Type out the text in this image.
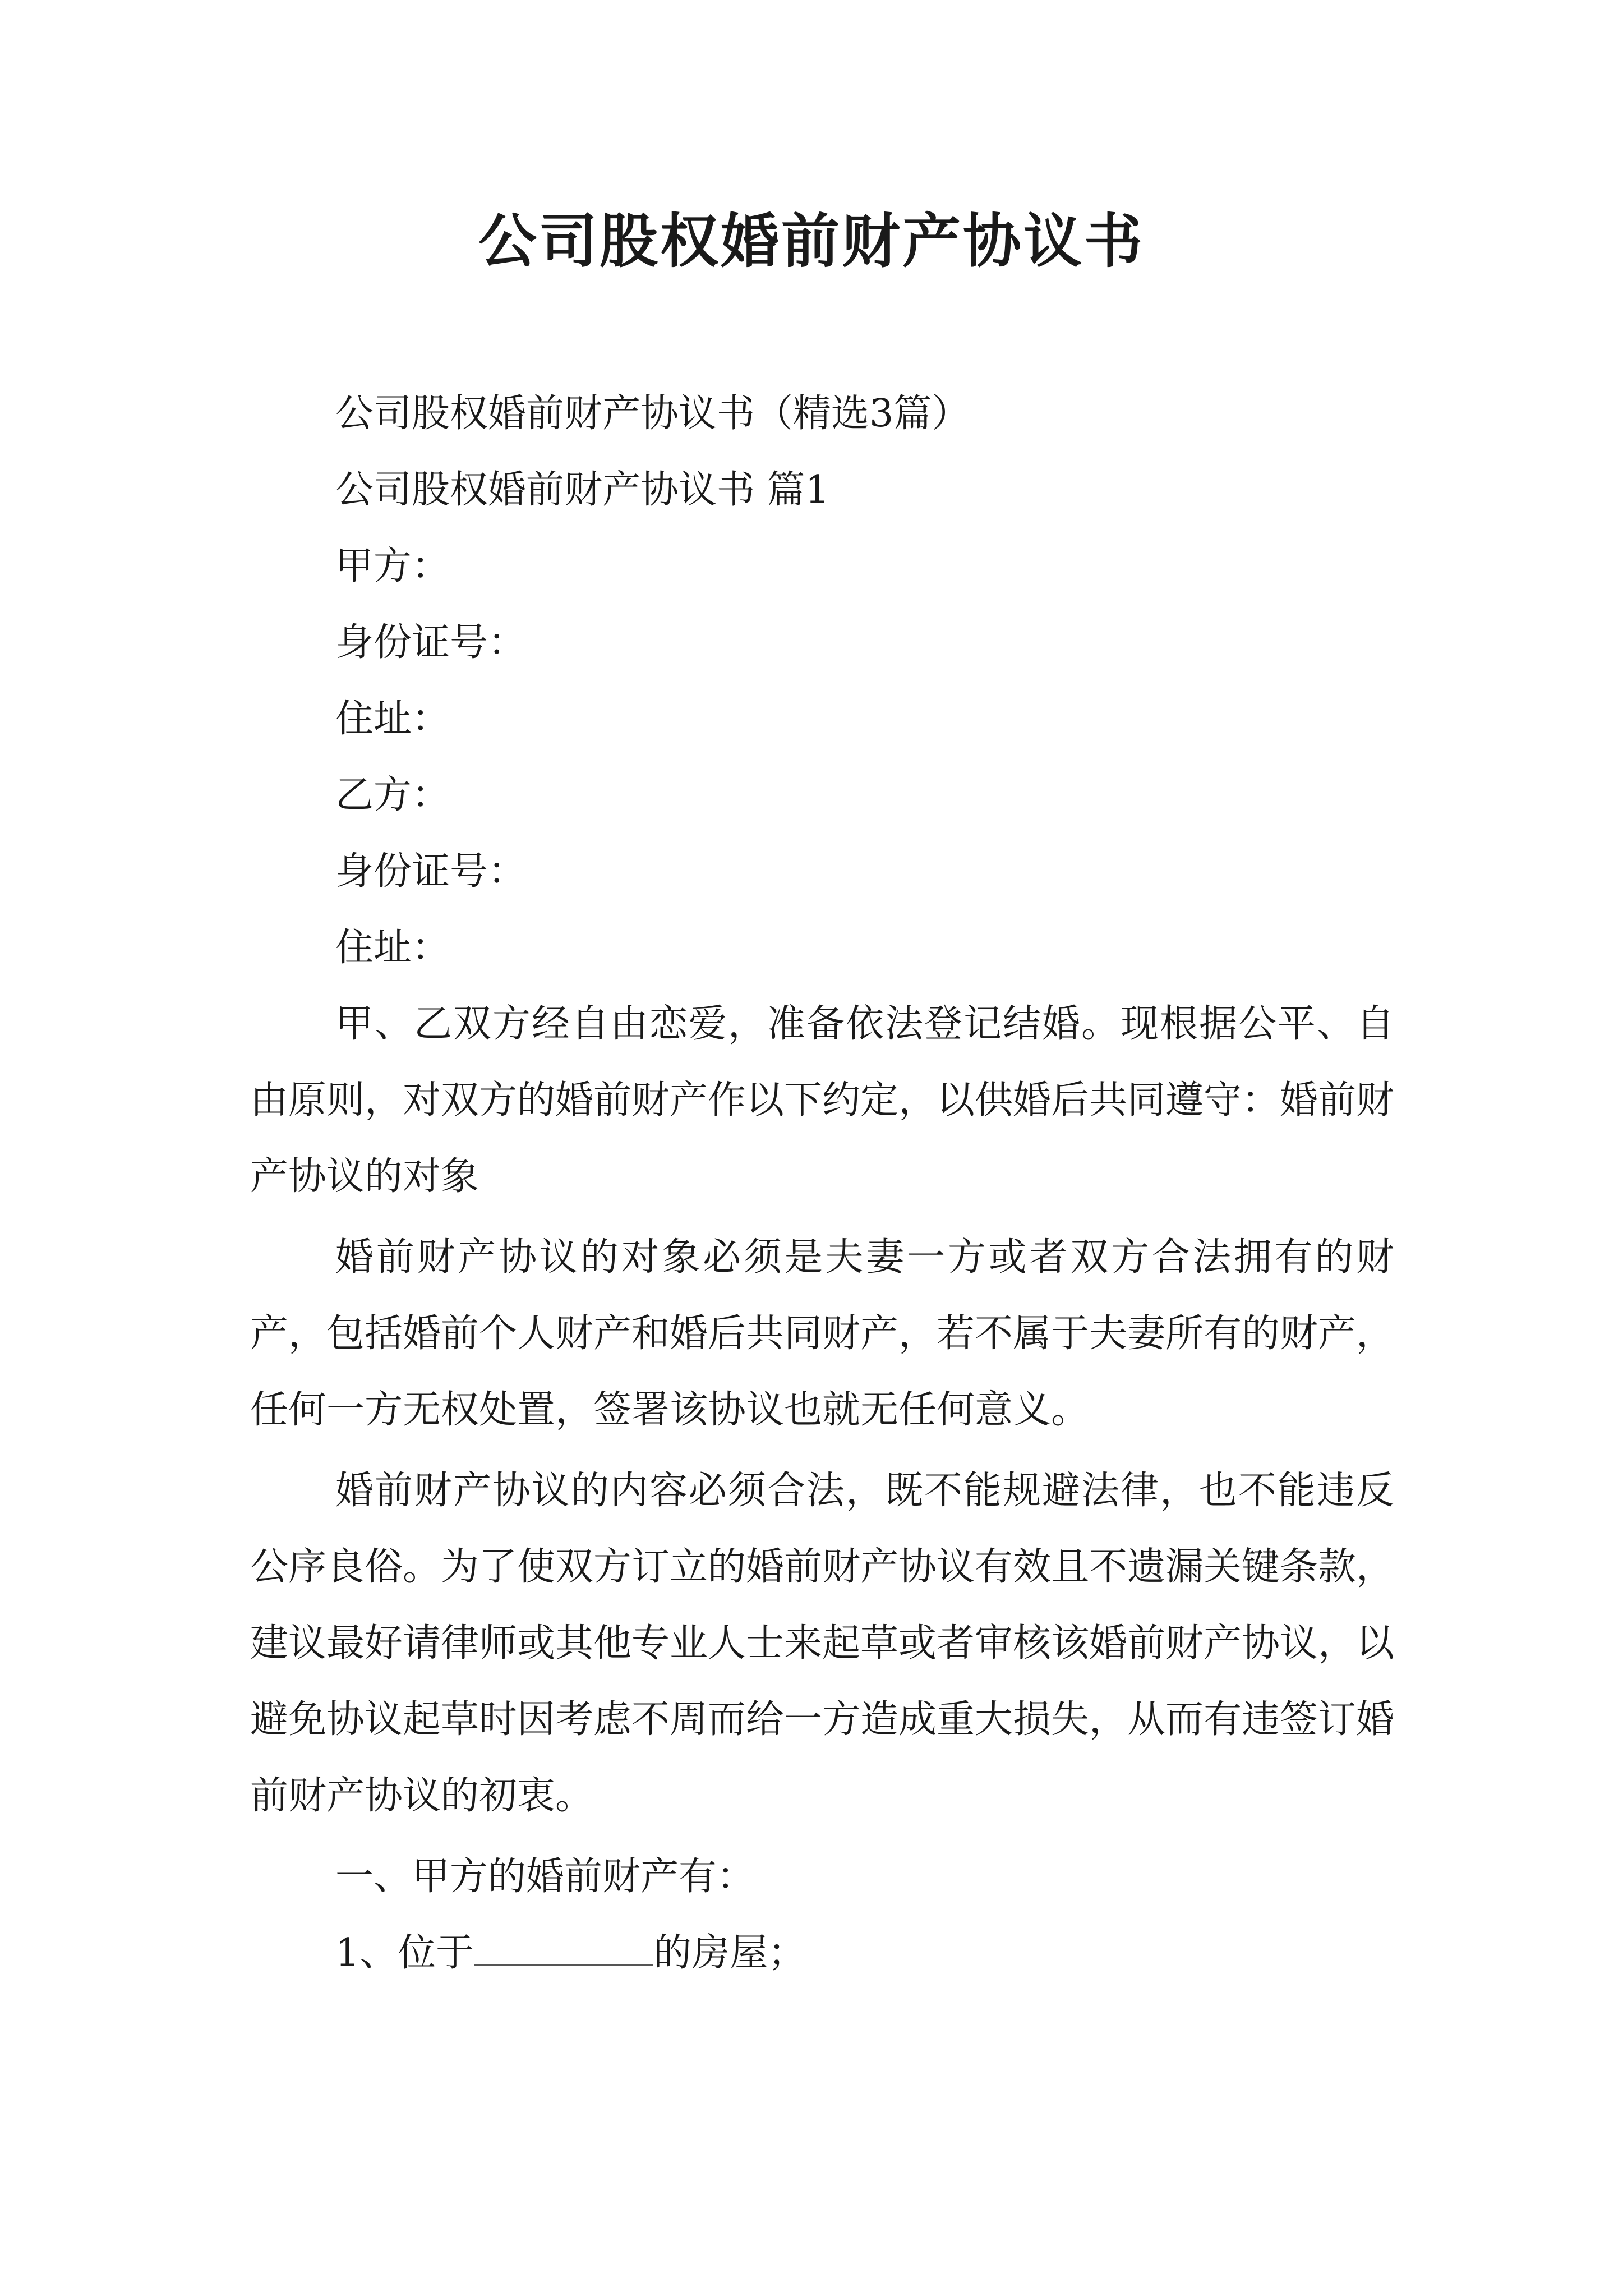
公司股权婚前财产协议书

公司股权婚前财产协议书（精选3篇）

公司股权婚前财产协议书 篇1

甲方：

身份证号：

住址：

乙方：

身份证号：

住址：

甲、乙双方经自由恋爱，准备依法登记结婚。现根据公平、自由原则，对双方的婚前财产作以下约定，以供婚后共同遵守：婚前财产协议的对象

婚前财产协议的对象必须是夫妻一方或者双方合法拥有的财产，包括婚前个人财产和婚后共同财产，若不属于夫妻所有的财产，任何一方无权处置，签署该协议也就无任何意义。

婚前财产协议的内容必须合法，既不能规避法律，也不能违反公序良俗。为了使双方订立的婚前财产协议有效且不遗漏关键条款，建议最好请律师或其他专业人士来起草或者审核该婚前财产协议，以避免协议起草时因考虑不周而给一方造成重大损失，从而有违签订婚前财产协议的初衷。

一、甲方的婚前财产有：

1、位于	的房屋；
